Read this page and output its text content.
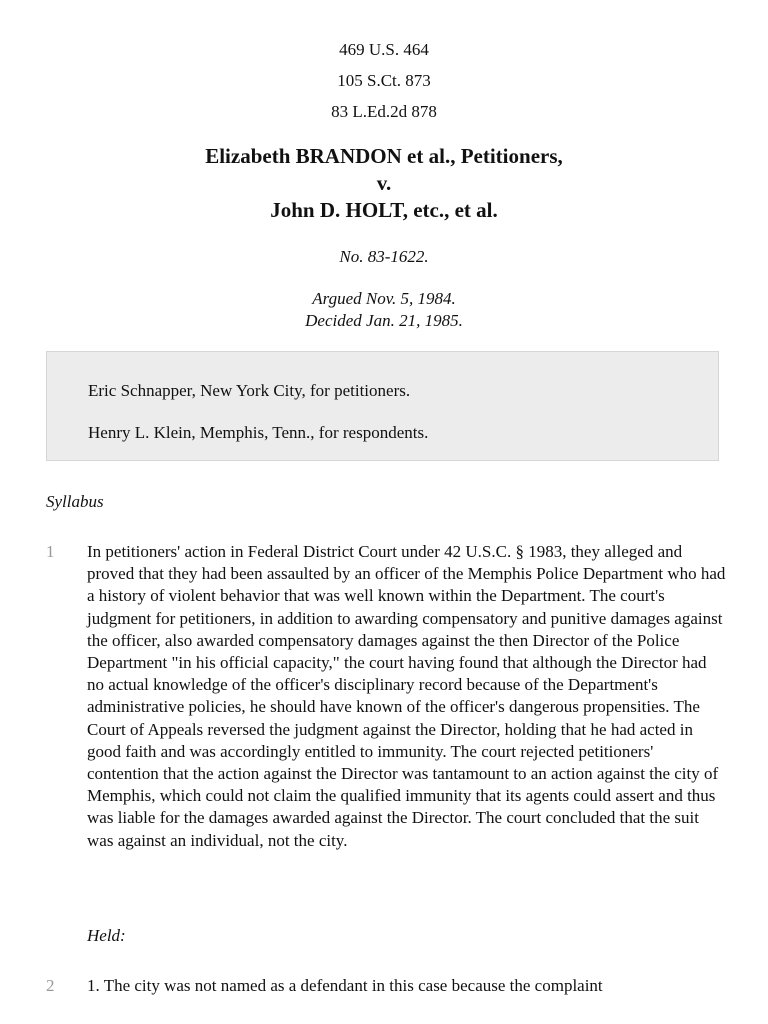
469 U.S. 464
105 S.Ct. 873
83 L.Ed.2d 878
Elizabeth BRANDON et al., Petitioners,
v.
John D. HOLT, etc., et al.
No. 83-1622.
Argued Nov. 5, 1984.
Decided Jan. 21, 1985.
Eric Schnapper, New York City, for petitioners.
Henry L. Klein, Memphis, Tenn., for respondents.
Syllabus
1 In petitioners' action in Federal District Court under 42 U.S.C. § 1983, they alleged and proved that they had been assaulted by an officer of the Memphis Police Department who had a history of violent behavior that was well known within the Department. The court's judgment for petitioners, in addition to awarding compensatory and punitive damages against the officer, also awarded compensatory damages against the then Director of the Police Department "in his official capacity," the court having found that although the Director had no actual knowledge of the officer's disciplinary record because of the Department's administrative policies, he should have known of the officer's dangerous propensities. The Court of Appeals reversed the judgment against the Director, holding that he had acted in good faith and was accordingly entitled to immunity. The court rejected petitioners' contention that the action against the Director was tantamount to an action against the city of Memphis, which could not claim the qualified immunity that its agents could assert and thus was liable for the damages awarded against the Director. The court concluded that the suit was against an individual, not the city.
Held:
2 1. The city was not named as a defendant in this case because the complaint
